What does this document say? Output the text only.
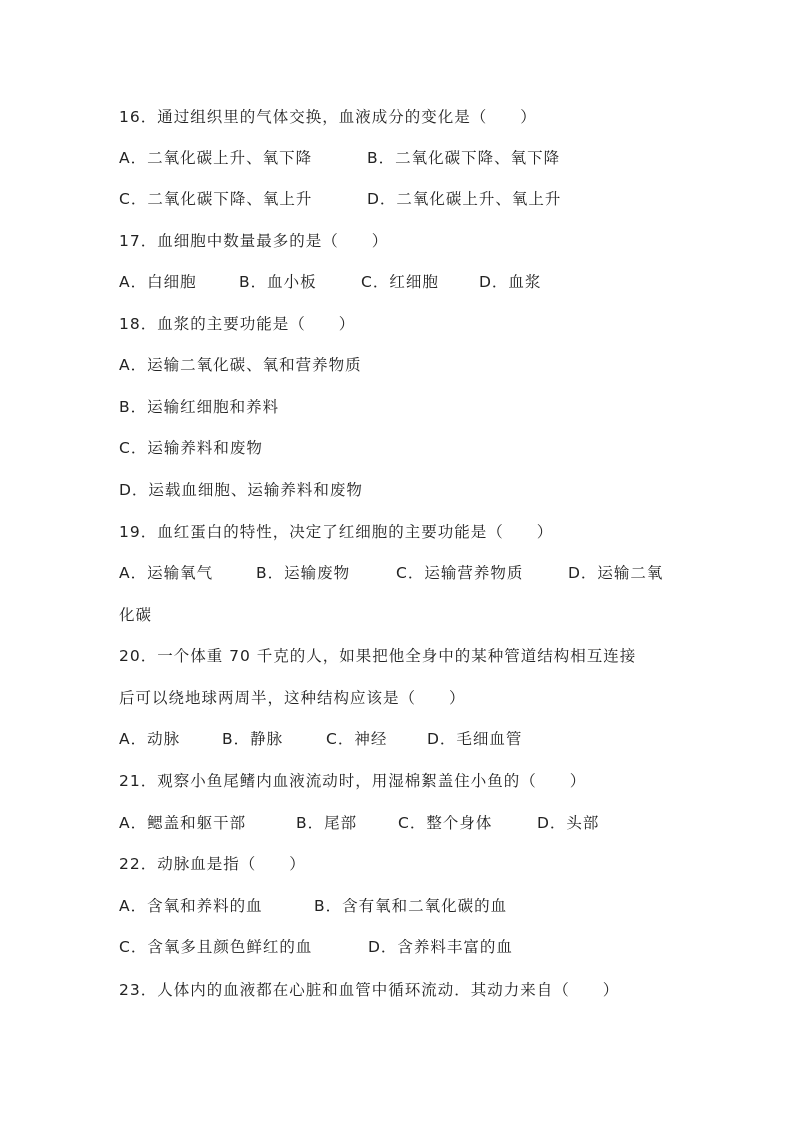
16．通过组织里的气体交换，血液成分的变化是（　　）
A．二氧化碳上升、氧下降	B．二氧化碳下降、氧下降
C．二氧化碳下降、氧上升	D．二氧化碳上升、氧上升
17．血细胞中数量最多的是（　　）
A．白细胞	B．血小板	C．红细胞	D．血浆
18．血浆的主要功能是（　　）
A．运输二氧化碳、氧和营养物质
B．运输红细胞和养料
C．运输养料和废物
D．运载血细胞、运输养料和废物
19．血红蛋白的特性，决定了红细胞的主要功能是（　　）
A．运输氧气	B．运输废物	C．运输营养物质	D．运输二氧
化碳
20．一个体重 70 千克的人，如果把他全身中的某种管道结构相互连接
后可以绕地球两周半，这种结构应该是（　　）
A．动脉	B．静脉	C．神经	D．毛细血管
21．观察小鱼尾鳍内血液流动时，用湿棉絮盖住小鱼的（　　）
A．鳃盖和躯干部	B．尾部	C．整个身体	D．头部
22．动脉血是指（　　）
A．含氧和养料的血	B．含有氧和二氧化碳的血
C．含氧多且颜色鲜红的血	D．含养料丰富的血
23．人体内的血液都在心脏和血管中循环流动．其动力来自（　　）
